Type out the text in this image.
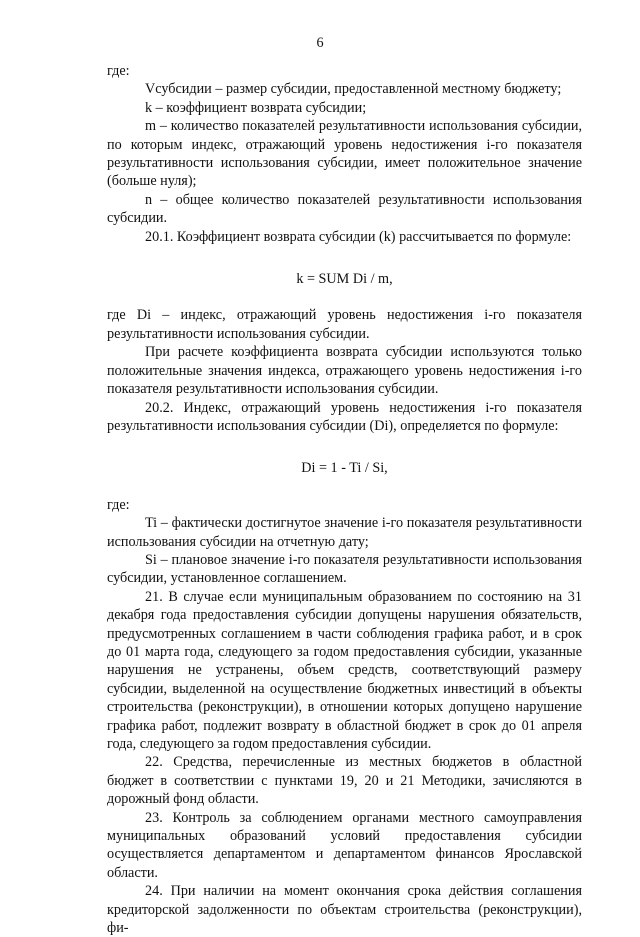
6

где:

Vсубсидии – размер субсидии, предоставленной местному бюджету;

k – коэффициент возврата субсидии;

m – количество показателей результативности использования субсидии, по которым индекс, отражающий уровень недостижения i-го показателя результативности использования субсидии, имеет положительное значение (больше нуля);

n – общее количество показателей результативности использования субсидии.

20.1. Коэффициент возврата субсидии (k) рассчитывается по формуле:

k = SUM Di / m,

где Di – индекс, отражающий уровень недостижения i-го показателя результативности использования субсидии.

При расчете коэффициента возврата субсидии используются только положительные значения индекса, отражающего уровень недостижения i-го показателя результативности использования субсидии.

20.2. Индекс, отражающий уровень недостижения i-го показателя результативности использования субсидии (Di), определяется по формуле:

Di = 1 - Ti / Si,

где:

Ti – фактически достигнутое значение i-го показателя результативности использования субсидии на отчетную дату;

Si – плановое значение i-го показателя результативности использования субсидии, установленное соглашением.

21. В случае если муниципальным образованием по состоянию на 31 декабря года предоставления субсидии допущены нарушения обязательств, предусмотренных соглашением в части соблюдения графика работ, и в срок до 01 марта года, следующего за годом предоставления субсидии, указанные нарушения не устранены, объем средств, соответствующий размеру субсидии, выделенной на осуществление бюджетных инвестиций в объекты строительства (реконструкции), в отношении которых допущено нарушение графика работ, подлежит возврату в областной бюджет в срок до 01 апреля года, следующего за годом предоставления субсидии.

22. Средства, перечисленные из местных бюджетов в областной бюджет в соответствии с пунктами 19, 20 и 21 Методики, зачисляются в дорожный фонд области.

23. Контроль за соблюдением органами местного самоуправления муниципальных образований условий предоставления субсидии осуществляется департаментом и департаментом финансов Ярославской области.

24. При наличии на момент окончания срока действия соглашения кредиторской задолженности по объектам строительства (реконструкции), фи-
